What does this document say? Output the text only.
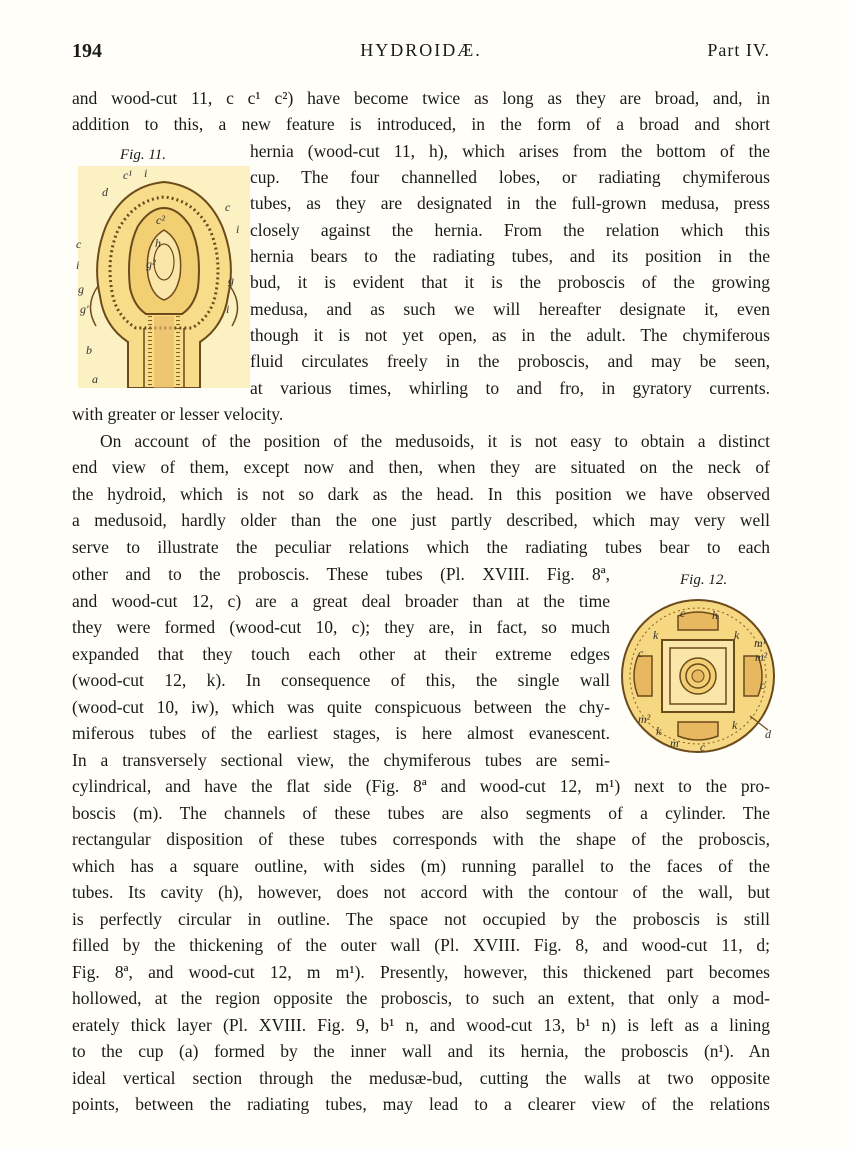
194	HYDROIDÆ.	Part IV.
Fig. 11.
c¹ i
d
c
i
c
i
g
g
g'
c²
h
g²
i
b
a
Fig. 12.
c h
k	k
m¹
m²
c
c
m²
k	k
m c
d
and wood-cut 11, c c¹ c²) have become twice as long as they are broad, and, in
addition to this, a new feature is introduced, in the form of a broad and short
hernia (wood-cut 11, h), which arises from the bottom of the
cup. The four channelled lobes, or radiating chymiferous
tubes, as they are designated in the full-grown medusa, press
closely against the hernia. From the relation which this
hernia bears to the radiating tubes, and its position in the
bud, it is evident that it is the proboscis of the growing
medusa, and as such we will hereafter designate it, even
though it is not yet open, as in the adult. The chymiferous
fluid circulates freely in the proboscis, and may be seen,
at various times, whirling to and fro, in gyratory currents.
with greater or lesser velocity.
On account of the position of the medusoids, it is not easy to obtain a distinct
end view of them, except now and then, when they are situated on the neck of
the hydroid, which is not so dark as the head. In this position we have observed
a medusoid, hardly older than the one just partly described, which may very well
serve to illustrate the peculiar relations which the radiating tubes bear to each
other and to the proboscis. These tubes (Pl. XVIII. Fig. 8ª,
and wood-cut 12, c) are a great deal broader than at the time
they were formed (wood-cut 10, c); they are, in fact, so much
expanded that they touch each other at their extreme edges
(wood-cut 12, k). In consequence of this, the single wall
(wood-cut 10, iw), which was quite conspicuous between the chy-
miferous tubes of the earliest stages, is here almost evanescent.
In a transversely sectional view, the chymiferous tubes are semi-
cylindrical, and have the flat side (Fig. 8ª and wood-cut 12, m¹) next to the pro-
boscis (m). The channels of these tubes are also segments of a cylinder. The
rectangular disposition of these tubes corresponds with the shape of the proboscis,
which has a square outline, with sides (m) running parallel to the faces of the
tubes. Its cavity (h), however, does not accord with the contour of the wall, but
is perfectly circular in outline. The space not occupied by the proboscis is still
filled by the thickening of the outer wall (Pl. XVIII. Fig. 8, and wood-cut 11, d;
Fig. 8ª, and wood-cut 12, m m¹). Presently, however, this thickened part becomes
hollowed, at the region opposite the proboscis, to such an extent, that only a mod-
erately thick layer (Pl. XVIII. Fig. 9, b¹ n, and wood-cut 13, b¹ n) is left as a lining
to the cup (a) formed by the inner wall and its hernia, the proboscis (n¹). An
ideal vertical section through the medusæ-bud, cutting the walls at two opposite
points, between the radiating tubes, may lead to a clearer view of the relations
